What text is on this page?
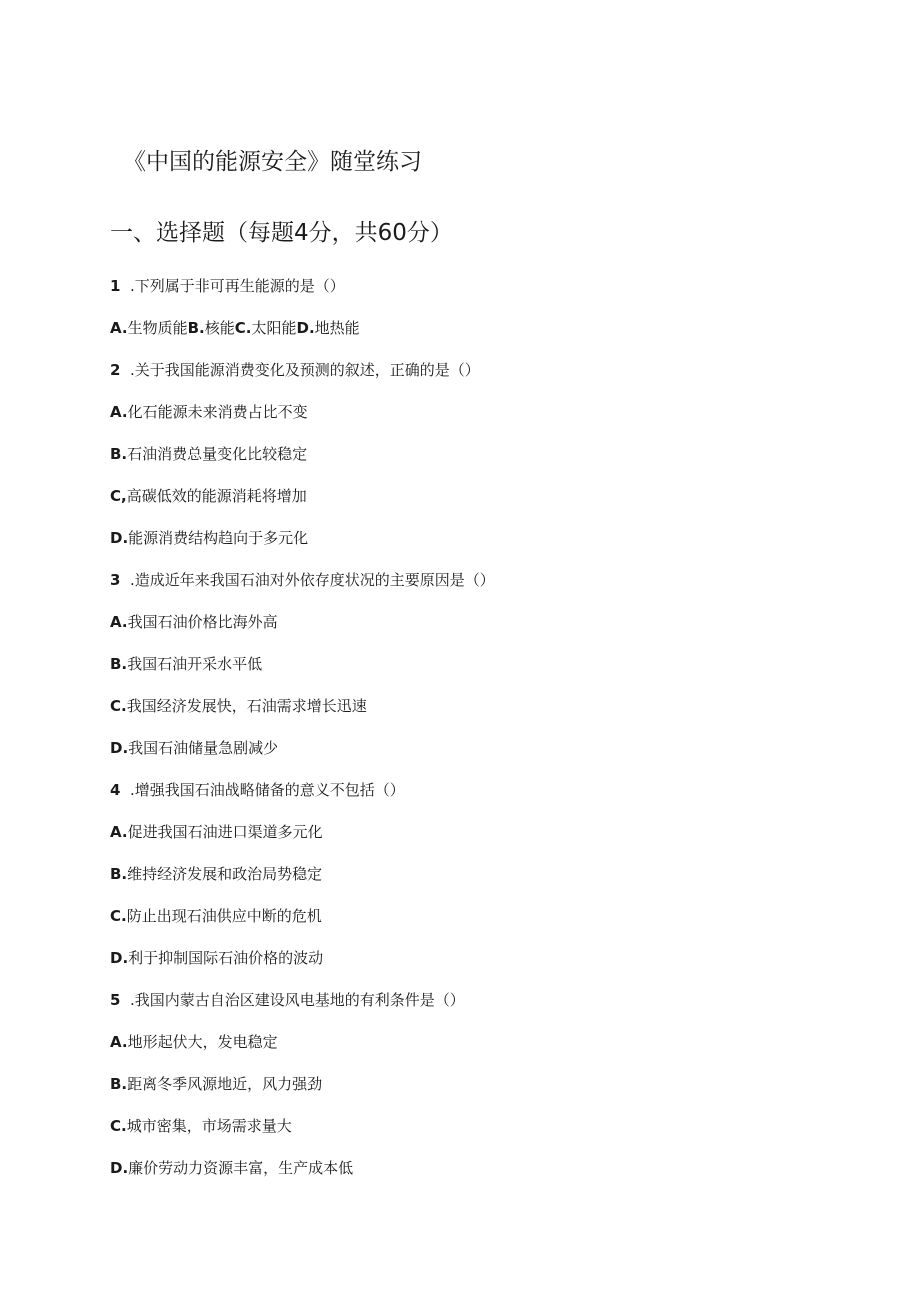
《中国的能源安全》随堂练习
一、选择题（每题4分，共60分）
1 .下列属于非可再生能源的是（）
A.生物质能B.核能C.太阳能D.地热能
2 .关于我国能源消费变化及预测的叙述，正确的是（）
A.化石能源未来消费占比不变
B.石油消费总量变化比较稳定
C,高碳低效的能源消耗将增加
D.能源消费结构趋向于多元化
3 .造成近年来我国石油对外依存度状况的主要原因是（）
A.我国石油价格比海外高
B.我国石油开采水平低
C.我国经济发展快，石油需求增长迅速
D.我国石油储量急剧减少
4 .增强我国石油战略储备的意义不包括（）
A.促进我国石油进口渠道多元化
B.维持经济发展和政治局势稳定
C.防止出现石油供应中断的危机
D.利于抑制国际石油价格的波动
5 .我国内蒙古自治区建设风电基地的有利条件是（）
A.地形起伏大，发电稳定
B.距离冬季风源地近，风力强劲
C.城市密集，市场需求量大
D.廉价劳动力资源丰富，生产成本低
